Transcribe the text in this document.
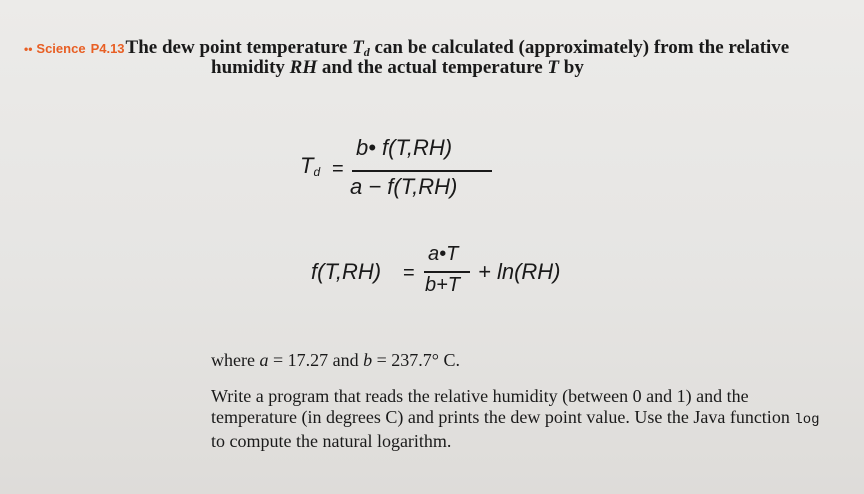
•• Science P4.13 The dew point temperature $T_d$ can be calculated (approximately) from the relative
humidity RH and the actual temperature T by
$T_d$ =
b• f(T,RH)
a − f(T,RH)
f(T,RH) =
a•T
b+T
+ ln(RH)
where a = 17.27 and b = 237.7° C.
Write a program that reads the relative humidity (between 0 and 1) and the temperature (in degrees C) and prints the dew point value. Use the Java function log to compute the natural logarithm.
